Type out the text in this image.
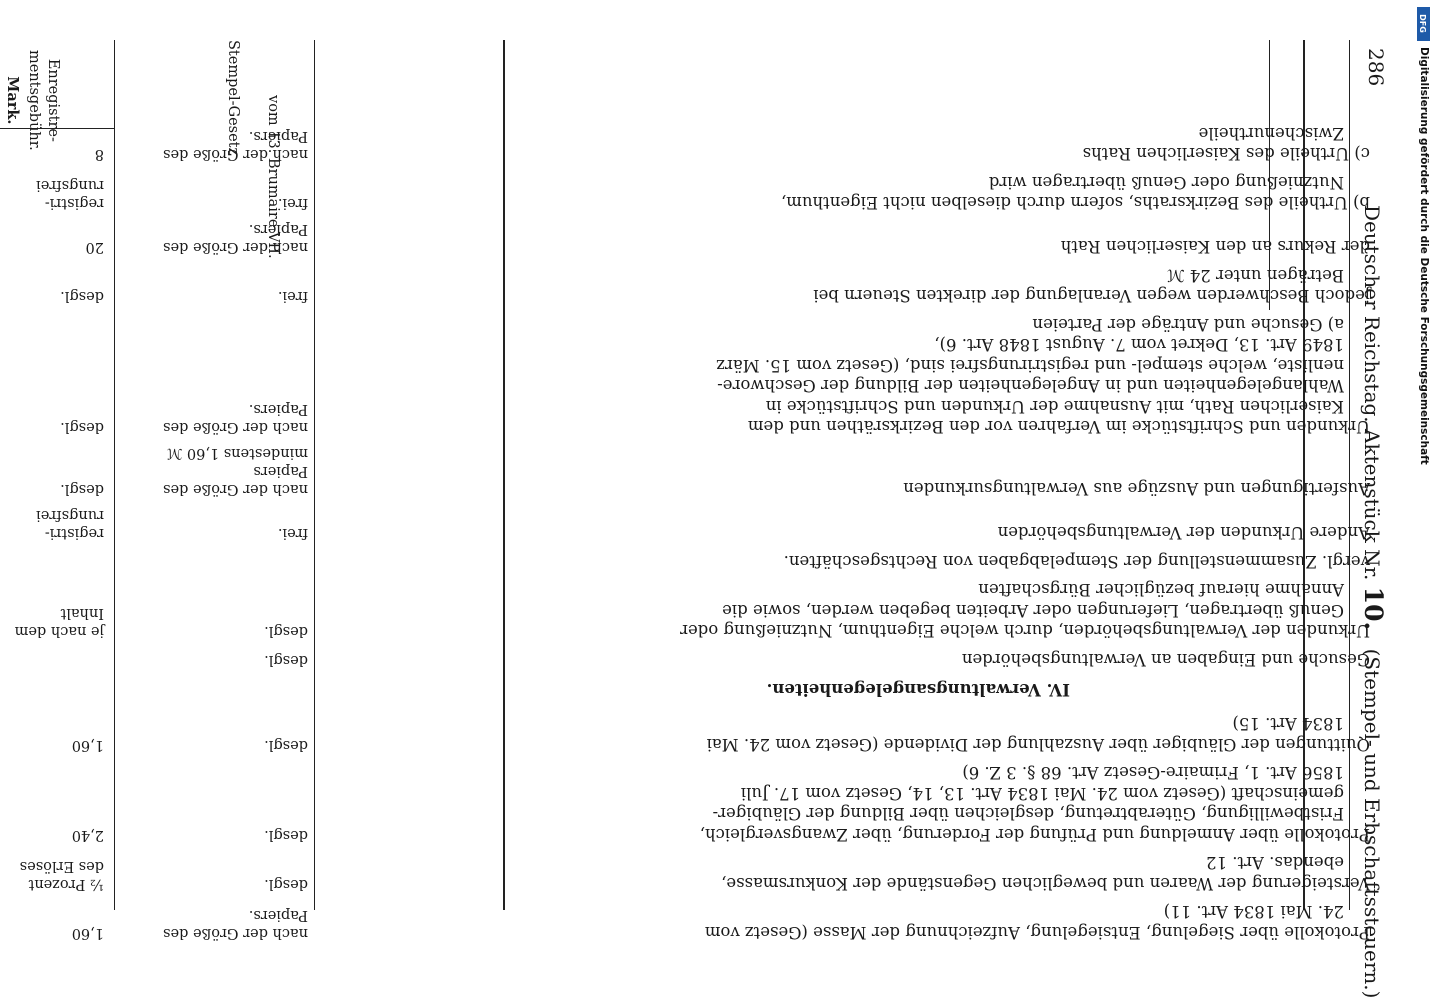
286
Deutscher Reichstag. Aktenstück Nr. 10. (Stempel- und Erbschaftssteuern.)
Stempel-Gesetz
Enregistre-
mentsgebühr.
Mark.	vom 13. Brumaire VII.
Protokolle über Siegelung, Entsiegelung, Aufzeichnung der Masse (Gesetz vom
24. Mai 1834 Art. 11)
nach der Größe des
Papiers.
1,60
Versteigerung der Waaren und beweglichen Gegenstände der Konkursmasse,
ebendas. Art. 12
desgl.
½ Prozent
des Erlöses
Protokolle über Anmeldung und Prüfung der Forderung, über Zwangsvergleich,
Fristbewilligung, Güterabtretung, desgleichen über Bildung der Gläubiger-
gemeinschaft (Gesetz vom 24. Mai 1834 Art. 13, 14, Gesetz vom 17. Juli
1856 Art. 1, Frimaire-Gesetz Art. 68 §. 3 Z. 6)
desgl.
2,40
Quittungen der Gläubiger über Auszahlung der Dividende (Gesetz vom 24. Mai
1834 Art. 15)
desgl.
1,60
IV. Verwaltungsangelegenheiten.
Gesuche und Eingaben an Verwaltungsbehörden
desgl.
Urkunden der Verwaltungsbehörden, durch welche Eigenthum, Nutznießung oder
Genuß übertragen, Lieferungen oder Arbeiten begeben werden, sowie die
Annahme hierauf bezüglicher Bürgschaften
desgl.
je nach dem
Inhalt
vergl. Zusammenstellung der Stempelabgaben von Rechtsgeschäften.
Andere Urkunden der Verwaltungsbehörden
frei.
registri-
rungsfrei
Ausfertigungen und Auszüge aus Verwaltungsurkunden
nach der Größe des
Papiers
mindestens 1,60 ℳ
desgl.
Urkunden und Schriftstücke im Verfahren vor den Bezirksräthen und dem
Kaiserlichen Rath, mit Ausnahme der Urkunden und Schriftstücke in
Wahlangelegenheiten und in Angelegenheiten der Bildung der Geschwore-
nenliste, welche stempel- und registrirungsfrei sind, (Gesetz vom 15. März
1849 Art. 13, Dekret vom 7. August 1848 Art. 6),
a) Gesuche und Anträge der Parteien
nach der Größe des
Papiers.
desgl.
jedoch Beschwerden wegen Veranlagung der direkten Steuern bei
Beträgen unter 24 ℳ
frei.
desgl.
der Rekurs an den Kaiserlichen Rath
nach der Größe des
Papiers.
20
b) Urtheile des Bezirksraths, sofern durch dieselben nicht Eigenthum,
Nutznießung oder Genuß übertragen wird
frei.
registri-
rungsfrei
c) Urtheile des Kaiserlichen Raths
Zwischenurtheile
nach der Größe des
Papiers.
8
DFG
Digitalisierung gefördert durch die Deutsche Forschungsgemeinschaft
